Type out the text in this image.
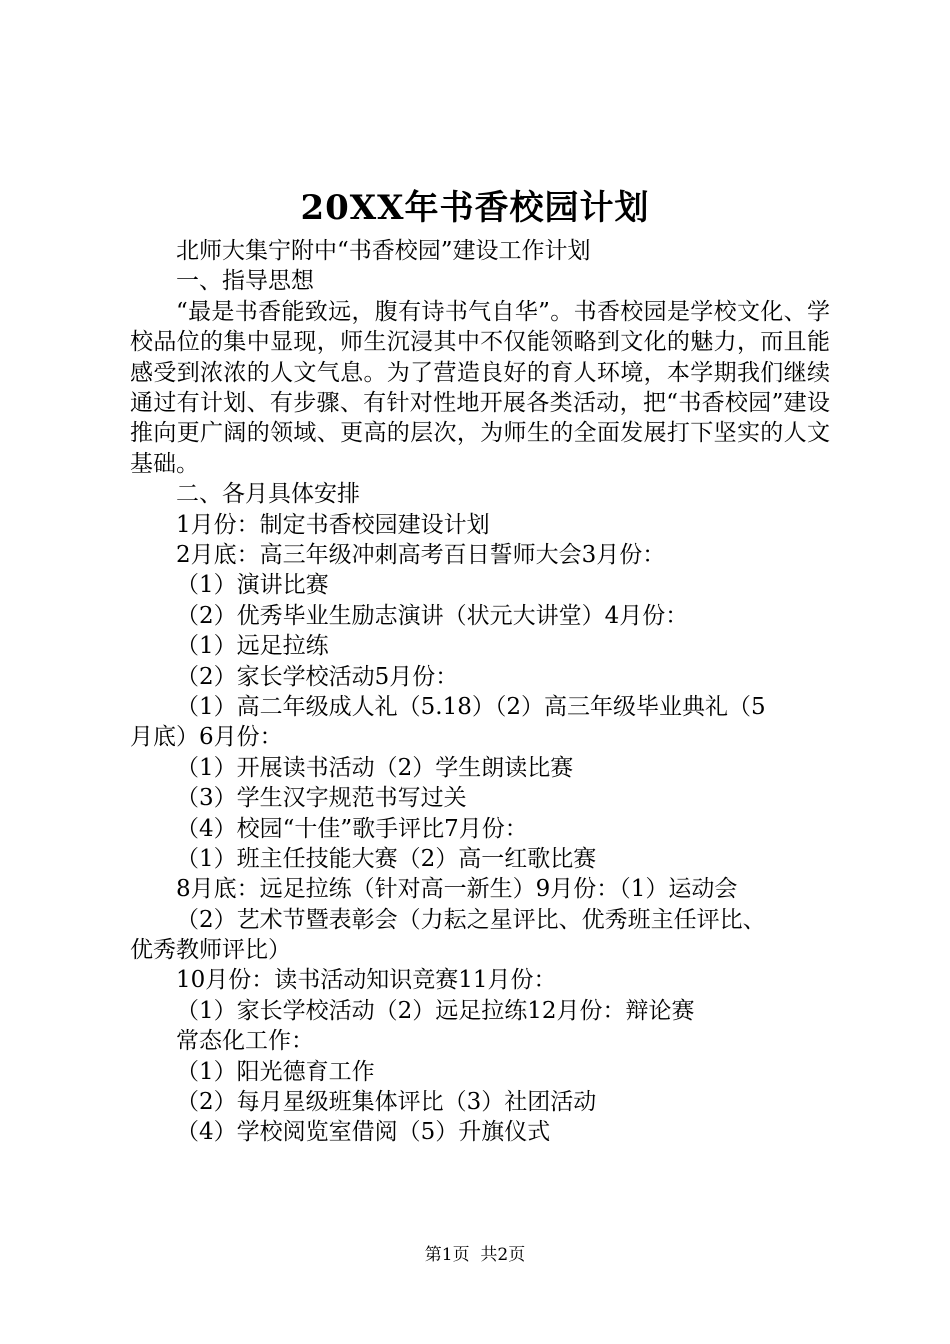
20XX年书香校园计划
北师大集宁附中“书香校园”建设工作计划
一、指导思想
“最是书香能致远，腹有诗书气自华”。书香校园是学校文化、学校品位的集中显现，师生沉浸其中不仅能领略到文化的魅力，而且能感受到浓浓的人文气息。为了营造良好的育人环境，本学期我们继续通过有计划、有步骤、有针对性地开展各类活动，把“书香校园”建设推向更广阔的领域、更高的层次，为师生的全面发展打下坚实的人文基础。
二、各月具体安排
1月份：制定书香校园建设计划
2月底：高三年级冲刺高考百日誓师大会3月份：
（1）演讲比赛
（2）优秀毕业生励志演讲（状元大讲堂）4月份：
（1）远足拉练
（2）家长学校活动5月份：
（1）高二年级成人礼（5.18）（2）高三年级毕业典礼（5
月底）6月份：
（1）开展读书活动（2）学生朗读比赛
（3）学生汉字规范书写过关
（4）校园“十佳”歌手评比7月份：
（1）班主任技能大赛（2）高一红歌比赛
8月底：远足拉练（针对高一新生）9月份：（1）运动会
（2）艺术节暨表彰会（力耘之星评比、优秀班主任评比、
优秀教师评比）
10月份：读书活动知识竞赛11月份：
（1）家长学校活动（2）远足拉练12月份：辩论赛
常态化工作：
（1）阳光德育工作
（2）每月星级班集体评比（3）社团活动
（4）学校阅览室借阅（5）升旗仪式
第1页 共2页
